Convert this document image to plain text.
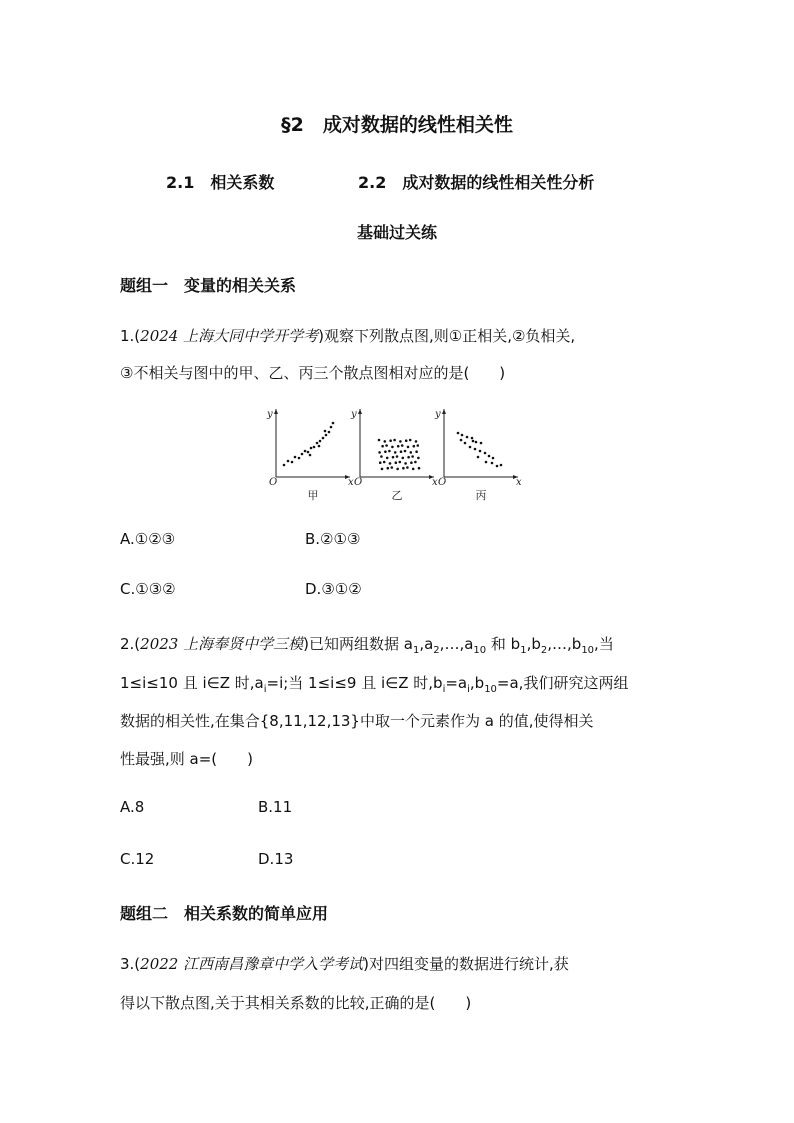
§2　成对数据的线性相关性
2.1　相关系数	2.2　成对数据的线性相关性分析
基础过关练
题组一　变量的相关关系
1.(2024 上海大同中学开学考)观察下列散点图,则①正相关,②负相关,
③不相关与图中的甲、乙、丙三个散点图相对应的是(　　)
y	y	y
O	O	O
x	x	x
甲	乙	丙
A.①②③	B.②①③
C.①③②	D.③①②
2.(2023 上海奉贤中学三模)已知两组数据 $a_1,a_2,\dots,a_{10}$ 和 $b_1,b_2,\dots,b_{10}$,当
1≤i≤10 且 i∈Z 时$,a_i=i$;当 1≤i≤9 且 i∈Z 时$,b_i=a_i,b_{10}=a$,我们研究这两组
数据的相关性,在集合{8,11,12,13}中取一个元素作为 a 的值,使得相关
性最强,则 a=(　　)
A.8	B.11
C.12	D.13
题组二　相关系数的简单应用
3.(2022 江西南昌豫章中学入学考试)对四组变量的数据进行统计,获
得以下散点图,关于其相关系数的比较,正确的是(　　)
